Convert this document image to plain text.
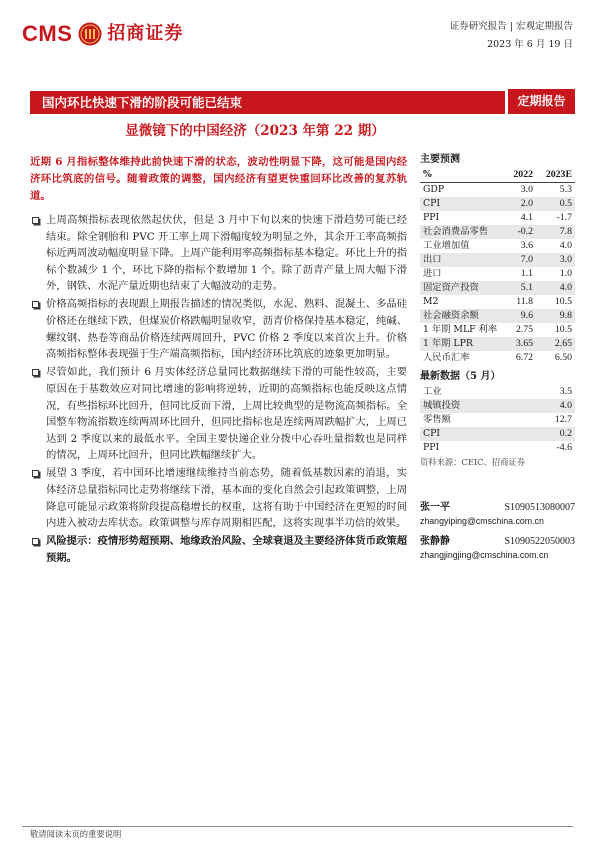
CMS 招商证券	证券研究报告 | 宏观定期报告
2023 年 6 月 19 日
国内环比快速下滑的阶段可能已结束	定期报告
显微镜下的中国经济（2023 年第 22 期）
近期 6 月指标整体维持此前快速下滑的状态，波动性明显下降，这可能是国内经济环比筑底的信号。随着政策的调整，国内经济有望更快重回环比改善的复苏轨道。
上周高频指标表现依然起伏伏，但是 3 月中下旬以来的快速下滑趋势可能已经结束。除全钢胎和 PVC 开工率上周下滑幅度较为明显之外，其余开工率高频指标近两周波动幅度明显下降。上周产能利用率高频指标基本稳定。环比上升的指标个数减少 1 个，环比下降的指标个数增加 1 个。除了沥青产量上周大幅下滑外，钢铁、水泥产量近期也结束了大幅波动的走势。
价格高频指标的表现跟上期报告描述的情况类似，水泥、熟料、混凝土、多晶硅价格还在继续下跌，但煤炭价格跌幅明显收窄，沥青价格保持基本稳定，纯碱、螺纹钢、热卷等商品价格连续两周回升，PVC 价格 2 季度以来首次上升。价格高频指标整体表现强于生产端高频指标，国内经济环比筑底的迹象更加明显。
尽管如此，我们预计 6 月实体经济总量同比数据继续下滑的可能性较高，主要原因在于基数效应对同比增速的影响将逆转，近期的高频指标也能反映这点情况，有些指标环比回升，但同比反而下滑，上周比较典型的是物流高频指标。全国整车物流指数连续两周环比回升，但同比指标也是连续两周跌幅扩大，上周已达到 2 季度以来的最低水平。全国主要快递企业分拨中心吞吐量指数也是同样的情况，上周环比回升，但同比跌幅继续扩大。
展望 3 季度，若中国环比增速继续维持当前态势，随着低基数因素的消退，实体经济总量指标同比走势将继续下滑，基本面的变化自然会引起政策调整，上周降息可能显示政策将阶段提高稳增长的权重，这将有助于中国经济在更短的时间内进入被动去库状态。政策调整与库存周期相匹配，这将实现事半功倍的效果。
风险提示：疫情形势超预期、地缘政治风险、全球衰退及主要经济体货币政策超预期。
主要预测
%	2022	2023E
GDP	3.0	5.3
CPI	2.0	0.5
PPI	4.1	-1.7
社会消费品零售	-0.2	7.8
工业增加值	3.6	4.0
出口	7.0	3.0
进口	1.1	1.0
固定资产投资	5.1	4.0
M2	11.8	10.5
社会融资余额	9.6	9.8
1 年期 MLF 利率	2.75	10.5
1 年期 LPR	3.65	2.65
人民币汇率	6.72	6.50
最新数据（5 月）
工业	3.5
城镇投资	4.0
零售额	12.7
CPI	0.2
PPI	-4.6
资料来源：CEIC、招商证券
张一平	S1090513080007
zhangyiping@cmschina.com.cn
张静静	S1090522050003
zhangjingjing@cmschina.com.cn
敬请阅读末页的重要说明
